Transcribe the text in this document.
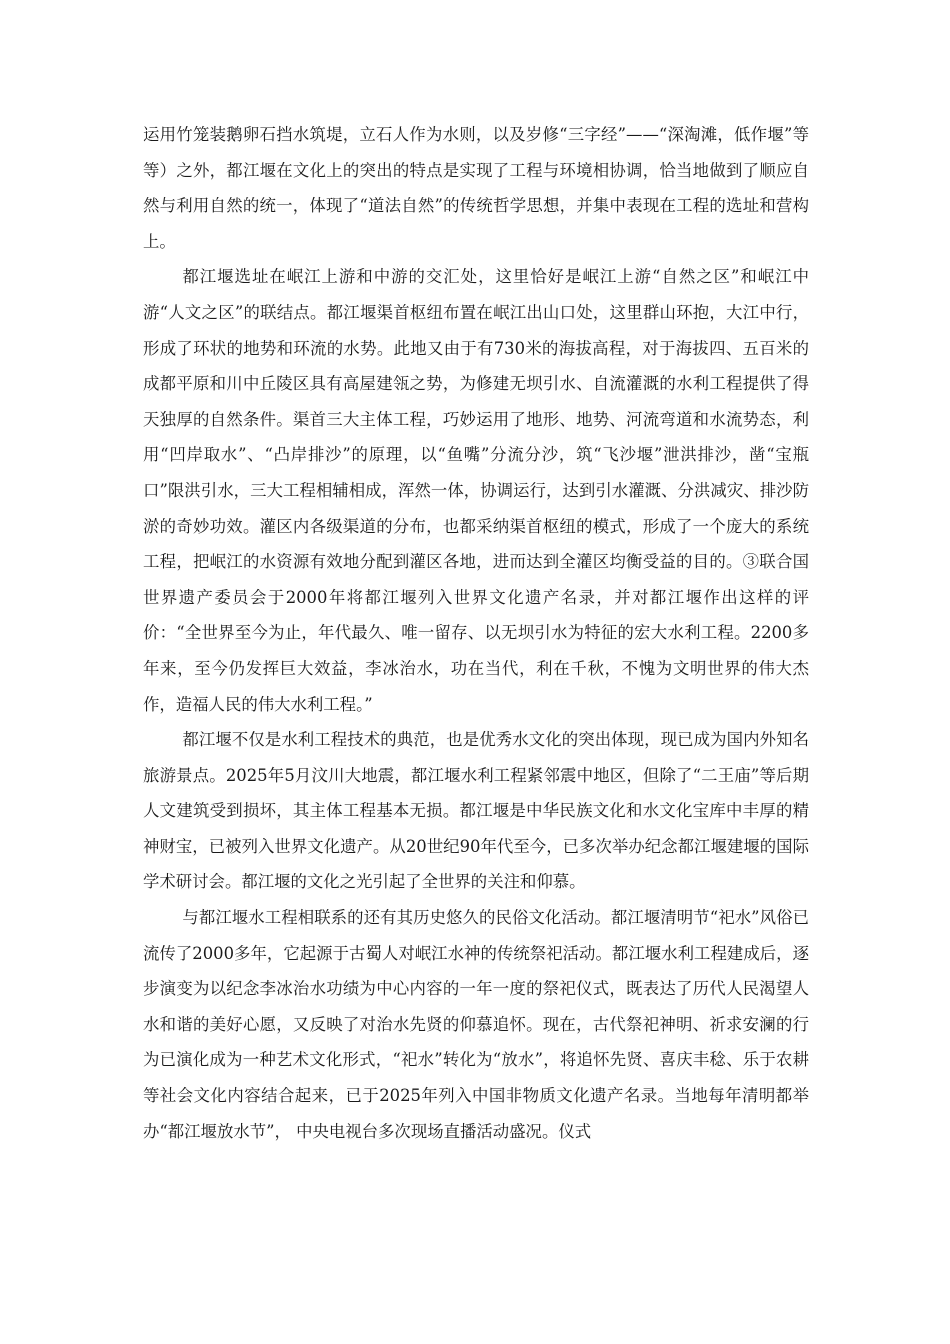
运用竹笼装鹅卵石挡水筑堤，立石人作为水则，以及岁修“三字经”——“深淘滩，低作堰”等等）之外，都江堰在文化上的突出的特点是实现了工程与环境相协调，恰当地做到了顺应自然与利用自然的统一，体现了“道法自然”的传统哲学思想，并集中表现在工程的选址和营构上。

都江堰选址在岷江上游和中游的交汇处，这里恰好是岷江上游“自然之区”和岷江中游“人文之区”的联结点。都江堰渠首枢纽布置在岷江出山口处，这里群山环抱，大江中行，形成了环状的地势和环流的水势。此地又由于有730米的海拔高程，对于海拔四、五百米的成都平原和川中丘陵区具有高屋建瓴之势，为修建无坝引水、自流灌溉的水利工程提供了得天独厚的自然条件。渠首三大主体工程，巧妙运用了地形、地势、河流弯道和水流势态，利用“凹岸取水”、“凸岸排沙”的原理，以“鱼嘴”分流分沙，筑“飞沙堰”泄洪排沙，凿“宝瓶口”限洪引水，三大工程相辅相成，浑然一体，协调运行，达到引水灌溉、分洪减灾、排沙防淤的奇妙功效。灌区内各级渠道的分布，也都采纳渠首枢纽的模式，形成了一个庞大的系统工程，把岷江的水资源有效地分配到灌区各地，进而达到全灌区均衡受益的目的。③联合国世界遗产委员会于2000年将都江堰列入世界文化遗产名录，并对都江堰作出这样的评价：“全世界至今为止，年代最久、唯一留存、以无坝引水为特征的宏大水利工程。2200多年来，至今仍发挥巨大效益，李冰治水，功在当代，利在千秋，不愧为文明世界的伟大杰作，造福人民的伟大水利工程。”

都江堰不仅是水利工程技术的典范，也是优秀水文化的突出体现，现已成为国内外知名旅游景点。2025年5月汶川大地震，都江堰水利工程紧邻震中地区，但除了“二王庙”等后期人文建筑受到损坏，其主体工程基本无损。都江堰是中华民族文化和水文化宝库中丰厚的精神财宝，已被列入世界文化遗产。从20世纪90年代至今，已多次举办纪念都江堰建堰的国际学术研讨会。都江堰的文化之光引起了全世界的关注和仰慕。

与都江堰水工程相联系的还有其历史悠久的民俗文化活动。都江堰清明节“祀水”风俗已流传了2000多年，它起源于古蜀人对岷江水神的传统祭祀活动。都江堰水利工程建成后，逐步演变为以纪念李冰治水功绩为中心内容的一年一度的祭祀仪式，既表达了历代人民渴望人水和谐的美好心愿，又反映了对治水先贤的仰慕追怀。现在，古代祭祀神明、祈求安澜的行为已演化成为一种艺术文化形式，“祀水”转化为“放水”，将追怀先贤、喜庆丰稔、乐于农耕等社会文化内容结合起来，已于2025年列入中国非物质文化遗产名录。当地每年清明都举办“都江堰放水节”， 中央电视台多次现场直播活动盛况。仪式
